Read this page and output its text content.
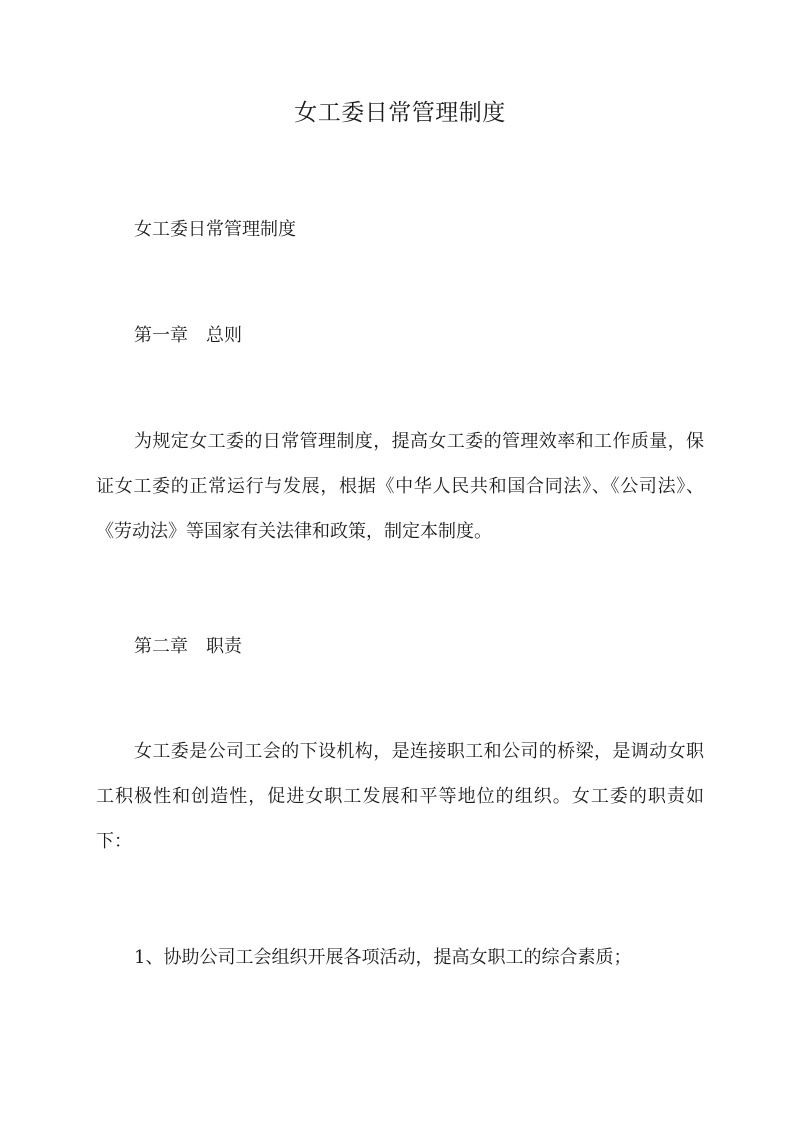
女工委日常管理制度

女工委日常管理制度

第一章 总则

为规定女工委的日常管理制度，提高女工委的管理效率和工作质量，保证女工委的正常运行与发展，根据《中华人民共和国合同法》、《公司法》、《劳动法》等国家有关法律和政策，制定本制度。

第二章 职责

女工委是公司工会的下设机构，是连接职工和公司的桥梁，是调动女职工积极性和创造性，促进女职工发展和平等地位的组织。女工委的职责如下：

1、协助公司工会组织开展各项活动，提高女职工的综合素质；
